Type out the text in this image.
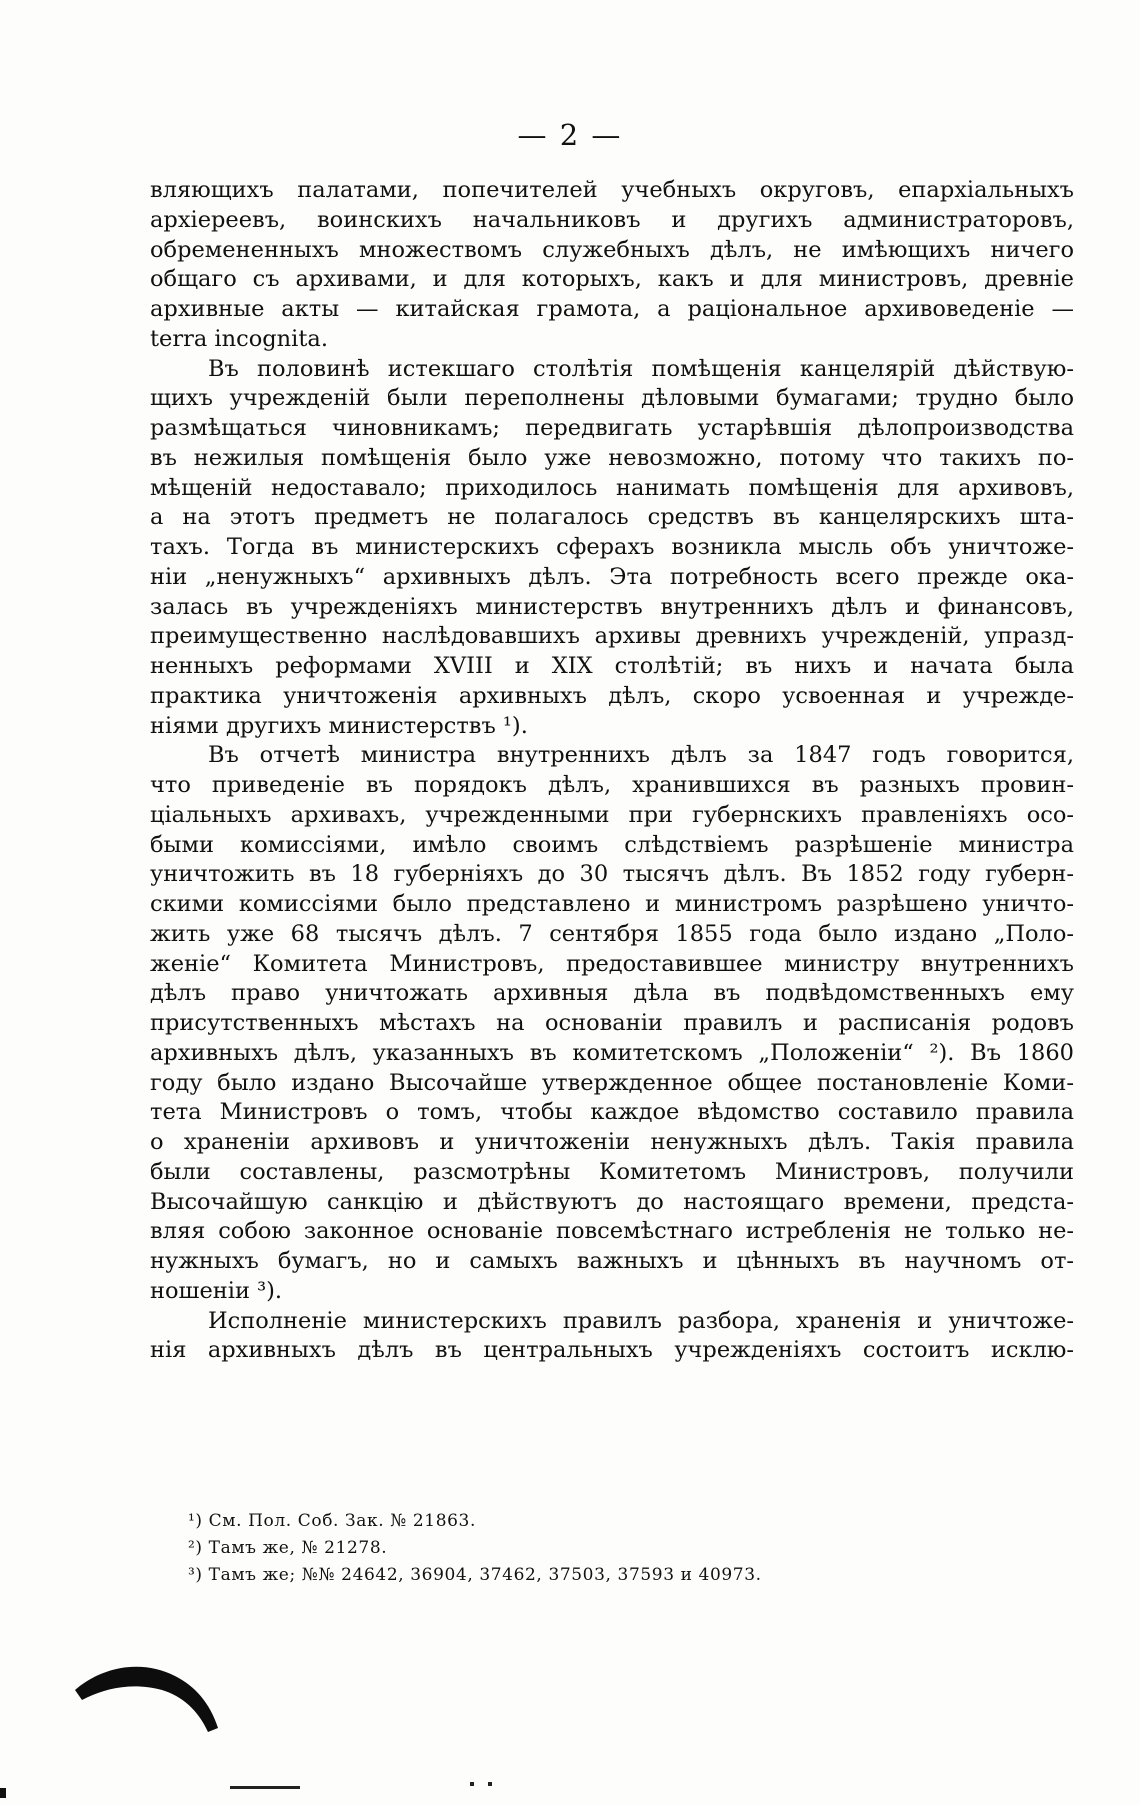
— 2 —
вляющихъ палатами, попечителей учебныхъ округовъ, епархіальныхъ
архіереевъ, воинскихъ начальниковъ и другихъ администраторовъ,
обремененныхъ множествомъ служебныхъ дѣлъ, не имѣющихъ ничего
общаго съ архивами, и для которыхъ, какъ и для министровъ, древніе
архивные акты — китайская грамота, а раціональное архивоведеніе —
terra incognita.
Въ половинѣ истекшаго столѣтія помѣщенія канцелярій дѣйствую-
щихъ учрежденій были переполнены дѣловыми бумагами; трудно было
размѣщаться чиновникамъ; передвигать устарѣвшія дѣлопроизводства
въ нежилыя помѣщенія было уже невозможно, потому что такихъ по-
мѣщеній недоставало; приходилось нанимать помѣщенія для архивовъ,
а на этотъ предметъ не полагалось средствъ въ канцелярскихъ шта-
тахъ. Тогда въ министерскихъ сферахъ возникла мысль объ уничтоже-
ніи „ненужныхъ“ архивныхъ дѣлъ. Эта потребность всего прежде ока-
залась въ учрежденіяхъ министерствъ внутреннихъ дѣлъ и финансовъ,
преимущественно наслѣдовавшихъ архивы древнихъ учрежденій, упразд-
ненныхъ реформами XVIII и XIX столѣтій; въ нихъ и начата была
практика уничтоженія архивныхъ дѣлъ, скоро усвоенная и учрежде-
ніями другихъ министерствъ ¹).
Въ отчетѣ министра внутреннихъ дѣлъ за 1847 годъ говорится,
что приведеніе въ порядокъ дѣлъ, хранившихся въ разныхъ провин-
ціальныхъ архивахъ, учрежденными при губернскихъ правленіяхъ осо-
быми комиссіями, имѣло своимъ слѣдствіемъ разрѣшеніе министра
уничтожить въ 18 губерніяхъ до 30 тысячъ дѣлъ. Въ 1852 году губерн-
скими комиссіями было представлено и министромъ разрѣшено уничто-
жить уже 68 тысячъ дѣлъ. 7 сентября 1855 года было издано „Поло-
женіе“ Комитета Министровъ, предоставившее министру внутреннихъ
дѣлъ право уничтожать архивныя дѣла въ подвѣдомственныхъ ему
присутственныхъ мѣстахъ на основаніи правилъ и расписанія родовъ
архивныхъ дѣлъ, указанныхъ въ комитетскомъ „Положеніи“ ²). Въ 1860
году было издано Высочайше утвержденное общее постановленіе Коми-
тета Министровъ о томъ, чтобы каждое вѣдомство составило правила
о храненіи архивовъ и уничтоженіи ненужныхъ дѣлъ. Такія правила
были составлены, разсмотрѣны Комитетомъ Министровъ, получили
Высочайшую санкцію и дѣйствуютъ до настоящаго времени, предста-
вляя собою законное основаніе повсемѣстнаго истребленія не только не-
нужныхъ бумагъ, но и самыхъ важныхъ и цѣнныхъ въ научномъ от-
ношеніи ³).
Исполненіе министерскихъ правилъ разбора, храненія и уничтоже-
нія архивныхъ дѣлъ въ центральныхъ учрежденіяхъ состоитъ исклю-
¹) См. Пол. Соб. Зак. № 21863.
²) Тамъ же, № 21278.
³) Тамъ же; №№ 24642, 36904, 37462, 37503, 37593 и 40973.
